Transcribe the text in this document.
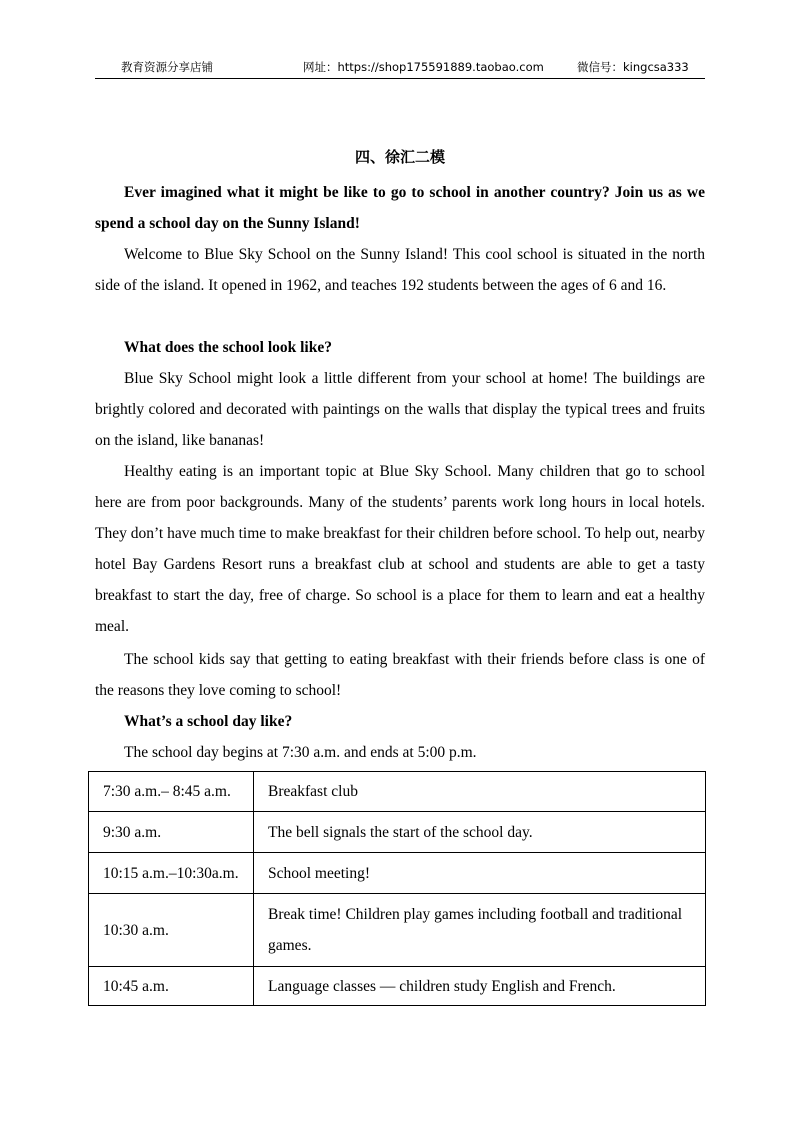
教育资源分享店铺	网址：https://shop175591889.taobao.com	微信号：kingcsa333
四、徐汇二模

Ever imagined what it might be like to go to school in another country? Join us as we spend a school day on the Sunny Island!

Welcome to Blue Sky School on the Sunny Island! This cool school is situated in the north side of the island. It opened in 1962, and teaches 192 students between the ages of 6 and 16.

What does the school look like?

Blue Sky School might look a little different from your school at home! The buildings are brightly colored and decorated with paintings on the walls that display the typical trees and fruits on the island, like bananas!

Healthy eating is an important topic at Blue Sky School. Many children that go to school here are from poor backgrounds. Many of the students’ parents work long hours in local hotels. They don’t have much time to make breakfast for their children before school. To help out, nearby hotel Bay Gardens Resort runs a breakfast club at school and students are able to get a tasty breakfast to start the day, free of charge. So school is a place for them to learn and eat a healthy meal.

The school kids say that getting to eating breakfast with their friends before class is one of the reasons they love coming to school!

What’s a school day like?

The school day begins at 7:30 a.m. and ends at 5:00 p.m.

7:30 a.m.– 8:45 a.m.	Breakfast club
9:30 a.m.	The bell signals the start of the school day.
10:15 a.m.–10:30a.m.	School meeting!
10:30 a.m.	Break time! Children play games including football and traditional games.
10:45 a.m.	Language classes — children study English and French.
